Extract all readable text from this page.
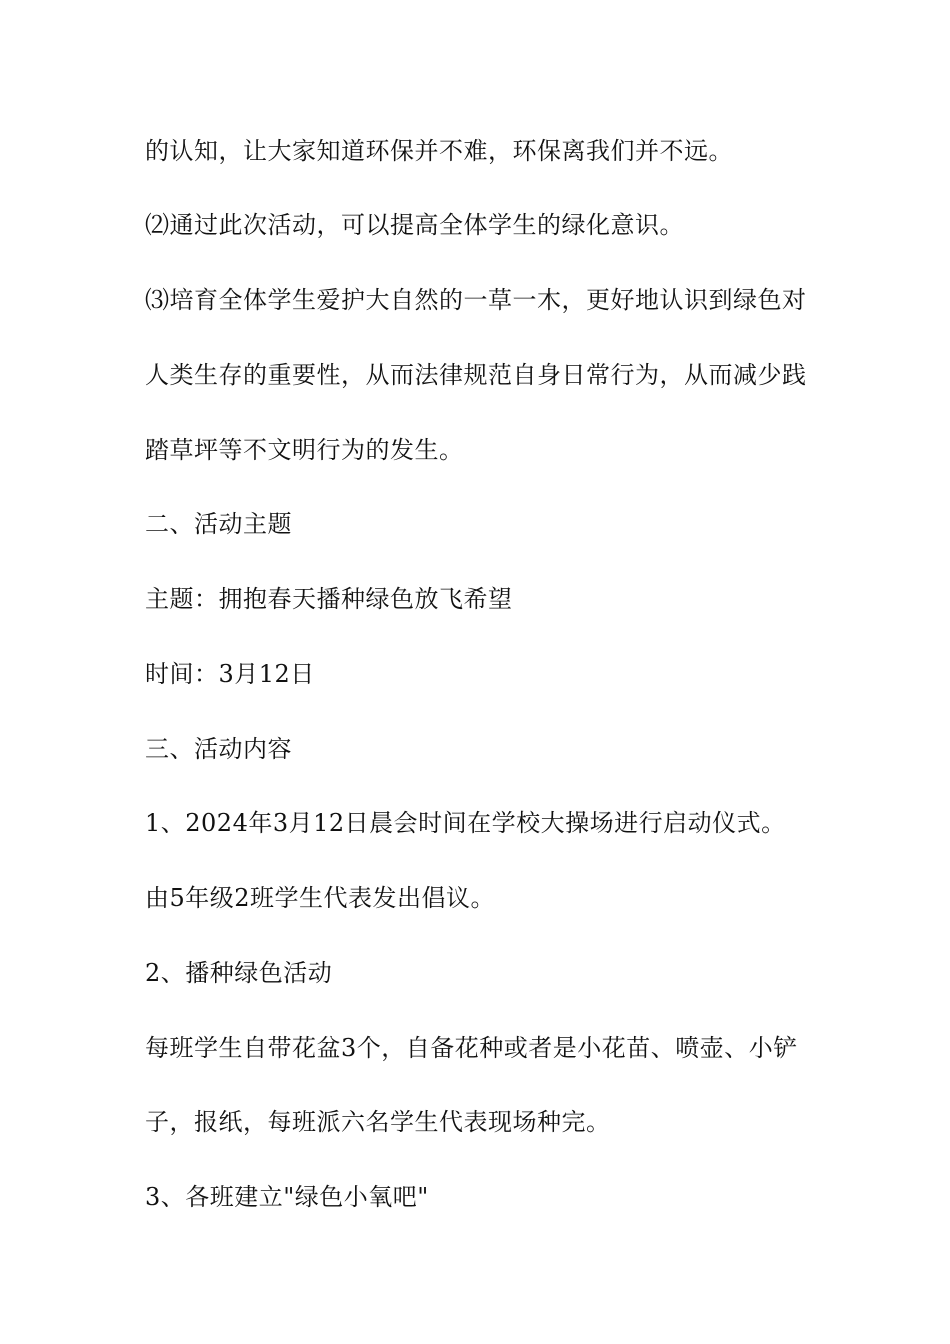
的认知，让大家知道环保并不难，环保离我们并不远。
⑵通过此次活动，可以提高全体学生的绿化意识。
⑶培育全体学生爱护大自然的一草一木，更好地认识到绿色对
人类生存的重要性，从而法律规范自身日常行为，从而减少践
踏草坪等不文明行为的发生。
二、活动主题
主题：拥抱春天播种绿色放飞希望
时间：3月12日
三、活动内容
1、2024年3月12日晨会时间在学校大操场进行启动仪式。
由5年级2班学生代表发出倡议。
2、播种绿色活动
每班学生自带花盆3个，自备花种或者是小花苗、喷壶、小铲
子，报纸，每班派六名学生代表现场种完。
3、各班建立"绿色小氧吧"
